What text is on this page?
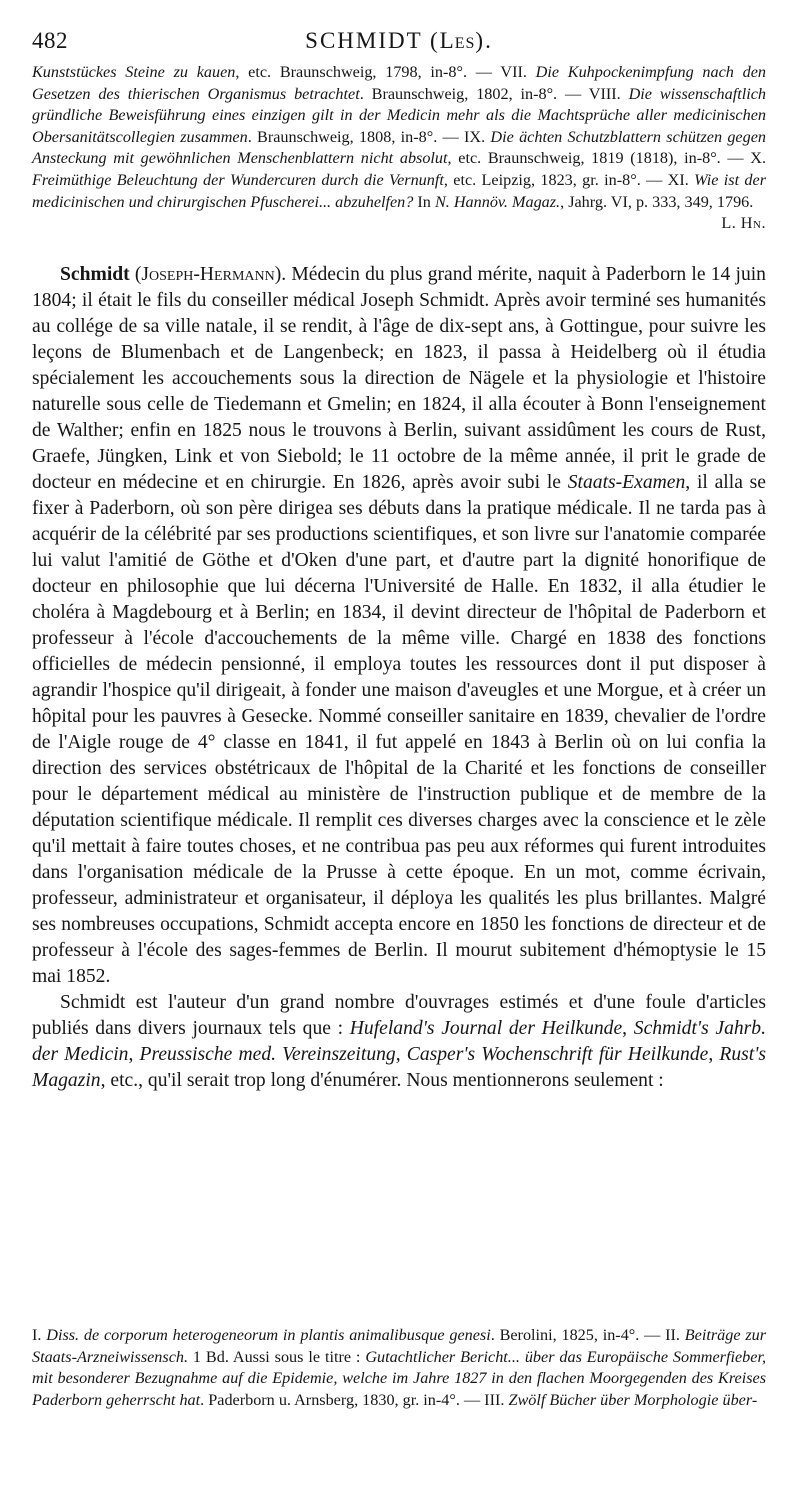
482	SCHMIDT (Les).

Kunststückes Steine zu kauen, etc. Braunschweig, 1798, in-8°. — VII. Die Kuhpockenimpfung nach den Gesetzen des thierischen Organismus betrachtet. Braunschweig, 1802, in-8°. — VIII. Die wissenschaftlich gründliche Beweisführung eines einzigen gilt in der Medicin mehr als die Machtsprüche aller medicinischen Obersanitätscollegien zusammen. Braunschweig, 1808, in-8°. — IX. Die ächten Schutzblattern schützen gegen Ansteckung mit gewöhnlichen Menschenblattern nicht absolut, etc. Braunschweig, 1819 (1818), in-8°. — X. Freimüthige Beleuchtung der Wundercuren durch die Vernunft, etc. Leipzig, 1823, gr. in-8°. — XI. Wie ist der medicinischen und chirurgischen Pfuscherei... abzuhelfen? In N. Hannöv. Magaz., Jahrg. VI, p. 333, 349, 1796.
L. Hn.

Schmidt (Joseph-Hermann). Médecin du plus grand mérite, naquit à Paderborn le 14 juin 1804; il était le fils du conseiller médical Joseph Schmidt. Après avoir terminé ses humanités au collége de sa ville natale, il se rendit, à l'âge de dix-sept ans, à Gottingue, pour suivre les leçons de Blumenbach et de Langenbeck; en 1823, il passa à Heidelberg où il étudia spécialement les accouchements sous la direction de Nägele et la physiologie et l'histoire naturelle sous celle de Tiedemann et Gmelin; en 1824, il alla écouter à Bonn l'enseignement de Walther; enfin en 1825 nous le trouvons à Berlin, suivant assidûment les cours de Rust, Graefe, Jüngken, Link et von Siebold; le 11 octobre de la même année, il prit le grade de docteur en médecine et en chirurgie. En 1826, après avoir subi le Staats-Examen, il alla se fixer à Paderborn, où son père dirigea ses débuts dans la pratique médicale. Il ne tarda pas à acquérir de la célébrité par ses productions scientifiques, et son livre sur l'anatomie comparée lui valut l'amitié de Göthe et d'Oken d'une part, et d'autre part la dignité honorifique de docteur en philosophie que lui décerna l'Université de Halle. En 1832, il alla étudier le choléra à Magdebourg et à Berlin; en 1834, il devint directeur de l'hôpital de Paderborn et professeur à l'école d'accouchements de la même ville. Chargé en 1838 des fonctions officielles de médecin pensionné, il employa toutes les ressources dont il put disposer à agrandir l'hospice qu'il dirigeait, à fonder une maison d'aveugles et une Morgue, et à créer un hôpital pour les pauvres à Gesecke. Nommé conseiller sanitaire en 1839, chevalier de l'ordre de l'Aigle rouge de 4° classe en 1841, il fut appelé en 1843 à Berlin où on lui confia la direction des services obstétricaux de l'hôpital de la Charité et les fonctions de conseiller pour le département médical au ministère de l'instruction publique et de membre de la députation scientifique médicale. Il remplit ces diverses charges avec la conscience et le zèle qu'il mettait à faire toutes choses, et ne contribua pas peu aux réformes qui furent introduites dans l'organisation médicale de la Prusse à cette époque. En un mot, comme écrivain, professeur, administrateur et organisateur, il déploya les qualités les plus brillantes. Malgré ses nombreuses occupations, Schmidt accepta encore en 1850 les fonctions de directeur et de professeur à l'école des sages-femmes de Berlin. Il mourut subitement d'hémoptysie le 15 mai 1852.

Schmidt est l'auteur d'un grand nombre d'ouvrages estimés et d'une foule d'articles publiés dans divers journaux tels que : Hufeland's Journal der Heilkunde, Schmidt's Jahrb. der Medicin, Preussische med. Vereinszeitung, Casper's Wochenschrift für Heilkunde, Rust's Magazin, etc., qu'il serait trop long d'énumérer. Nous mentionnerons seulement :

I. Diss. de corporum heterogeneorum in plantis animalibusque genesi. Berolini, 1825, in-4°. — II. Beiträge zur Staats-Arzneiwissensch. 1 Bd. Aussi sous le titre : Gutachtlicher Bericht... über das Europäische Sommerfieber, mit besonderer Bezugnahme auf die Epidemie, welche im Jahre 1827 in den flachen Moorgegenden des Kreises Paderborn geherrscht hat. Paderborn u. Arnsberg, 1830, gr. in-4°. — III. Zwölf Bücher über Morphologie über-
